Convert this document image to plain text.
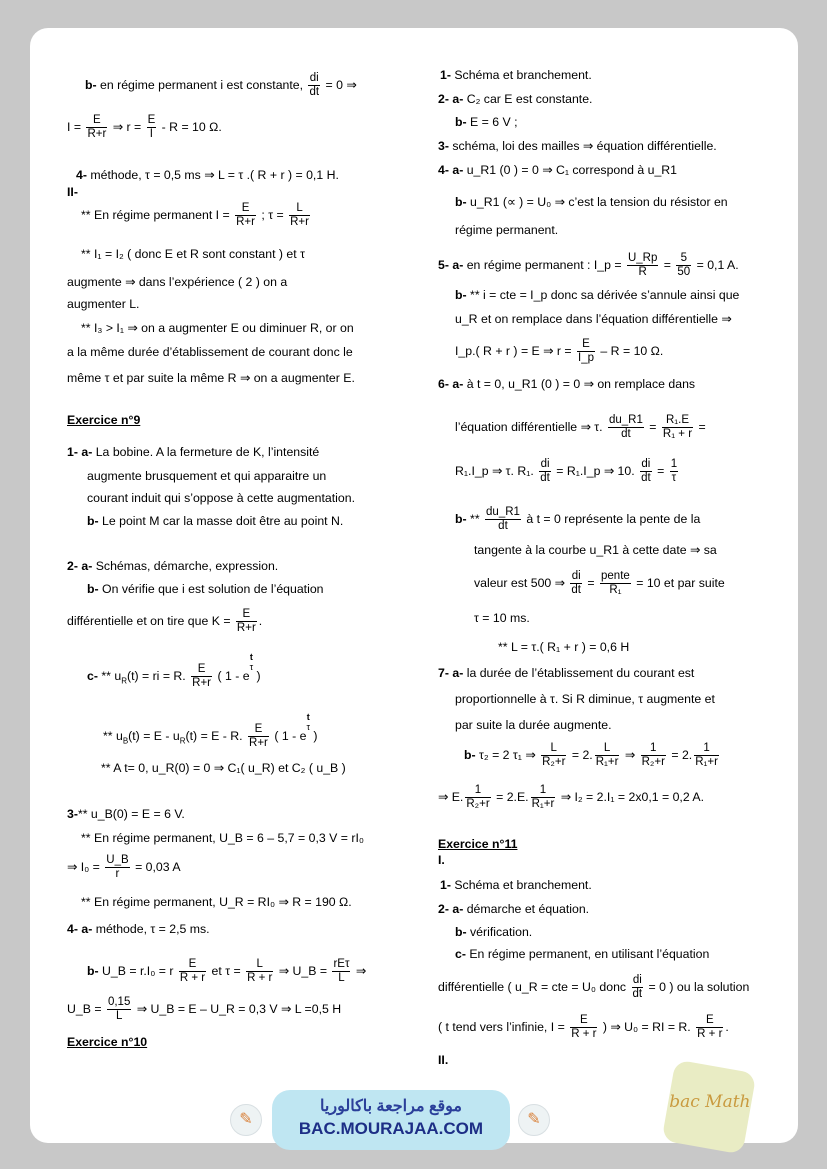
b- en régime permanent i est constante, $\frac{di}{dt} = 0$ ⇒
$I = \frac{E}{R+r}$ ⇒ $r = \frac{E}{I} - R = 10$ Ω.
4- méthode, τ = 0,5 ms ⇒ L = τ .( R + r ) = 0,1 H.
II-
** En régime permanent $I = \frac{E}{R+r}$ ; $\tau = \frac{L}{R+r}$
** I₁ = I₂ ( donc E et R sont constant ) et τ
augmente ⇒ dans l’expérience ( 2 ) on a
augmenter L.
** I₃ > I₁ ⇒ on a augmenter E ou diminuer R, or on
a la même durée d’établissement de courant donc le
même τ et par suite la même R ⇒ on a augmenter E.
Exercice n°9
1- a- La bobine. A la fermeture de K, l’intensité
augmente brusquement et qui apparaitre un
courant induit qui s’oppose à cette augmentation.
b- Le point M car la masse doit être au point N.
2- a- Schémas, démarche, expression.
b- On vérifie que i est solution de l’équation
différentielle et on tire que $K = \frac{E}{R+r}$ .
$c- ** u_R(t)$ = ri = R. $\frac{E}{R+r}$ ( 1 - e
t
τ
)
** $u_B(t) = E - u_R(t) = E - R$. $\frac{E}{R+r}$ ( 1 - e
t
τ
)
** A t= 0, u_R(0) = 0 ⇒ C₁( u_R) et C₂ ( u_B )
3-** u_B(0) = E = 6 V.
** En régime permanent, U_B = 6 – 5,7 = 0,3 V = rI₀
⇒ $I_0 = \frac{U\_B}{r} = 0,03$ A
** En régime permanent, U_R = RI₀ ⇒ R = 190 Ω.
4- a- méthode, τ = 2,5 ms.
b- U_B = r.I₀ = r $\frac{E}{R + r}$ et $\tau = \frac{L}{R + r}$ ⇒ U_B = rEτ
L
⇒
U_B = $\frac{0,15}{L}$ ⇒ U_B = E – U_R = 0,3 V ⇒ L =0,5 H
Exercice n°10
1- Schéma et branchement.
2- a- C₂ car E est constante.
b- E = 6 V ;
3- schéma, loi des mailles ⇒ équation différentielle.
4- a- u_R1 (0 ) = 0 ⇒ C₁ correspond à u_R1
b- u_R1 (∝ ) = U₀ ⇒ c’est la tension du résistor en
régime permanent.
5- a- en régime permanent : I_p = $\frac{U\_Rp}{R} = \frac{5}{50} = 0,1$ A.
b- ** i = cte = I_p donc sa dérivée s’annule ainsi que
u_R et on remplace dans l’équation différentielle ⇒
I_p.( R + r ) = E ⇒ $r = \frac{E}{I\_p} - R = 10$ Ω.
6- a- à t = 0, u_R1 (0 ) = 0 ⇒ on remplace dans
l’équation différentielle ⇒ τ. $\frac{du\_R1}{dt} = \frac{\text{R₁.E}}{\text{R₁ + r}}$ =
R₁.I_p ⇒ τ. R₁. $\frac{di}{dt}$ = R₁.I_p ⇒ 10. $\frac{di}{dt} = \frac{1}{\tau}$
$b- ** \frac{du\_R1}{dt}$ à t = 0 représente la pente de la
tangente à la courbe u_R1 à cette date ⇒ sa
valeur est 500 ⇒ $\frac{di}{dt}$ = pente
R₁
= 10 et par suite
τ = 10 ms.
** L = τ.( R₁ + r ) = 0,6 H
7- a- la durée de l’établissement du courant est
proportionnelle à τ. Si R diminue, τ augmente et
par suite la durée augmente.
b- τ₂ = 2 τ₁ ⇒ $\frac{L}{\text{R₂+r}} = 2$. $\frac{L}{\text{R₁+r}}$ ⇒ $\frac{1}{\text{R₂+r}} = 2$. $\frac{1}{\text{R₁+r}}$
⇒ E. $\frac{1}{\text{R₂+r}} = 2.E$. $\frac{1}{\text{R₁+r}}$ ⇒ I₂ = 2.I₁ = 2x0,1 = 0,2 A.
Exercice n°11
I.
1- Schéma et branchement.
2- a- démarche et équation.
b- vérification.
c- En régime permanent, en utilisant l’équation
différentielle ( u_R = cte = U₀ donc $\frac{di}{dt} = 0$ ) ou la solution
( t tend vers l’infinie, $I = \frac{E}{R + r}$ ) ⇒ U₀ = RI = R. $\frac{E}{R + r}$ .
II.
✎	✎
موقع مراجعة باكالوريا
BAC.MOURAJAA.COM
bac Math
